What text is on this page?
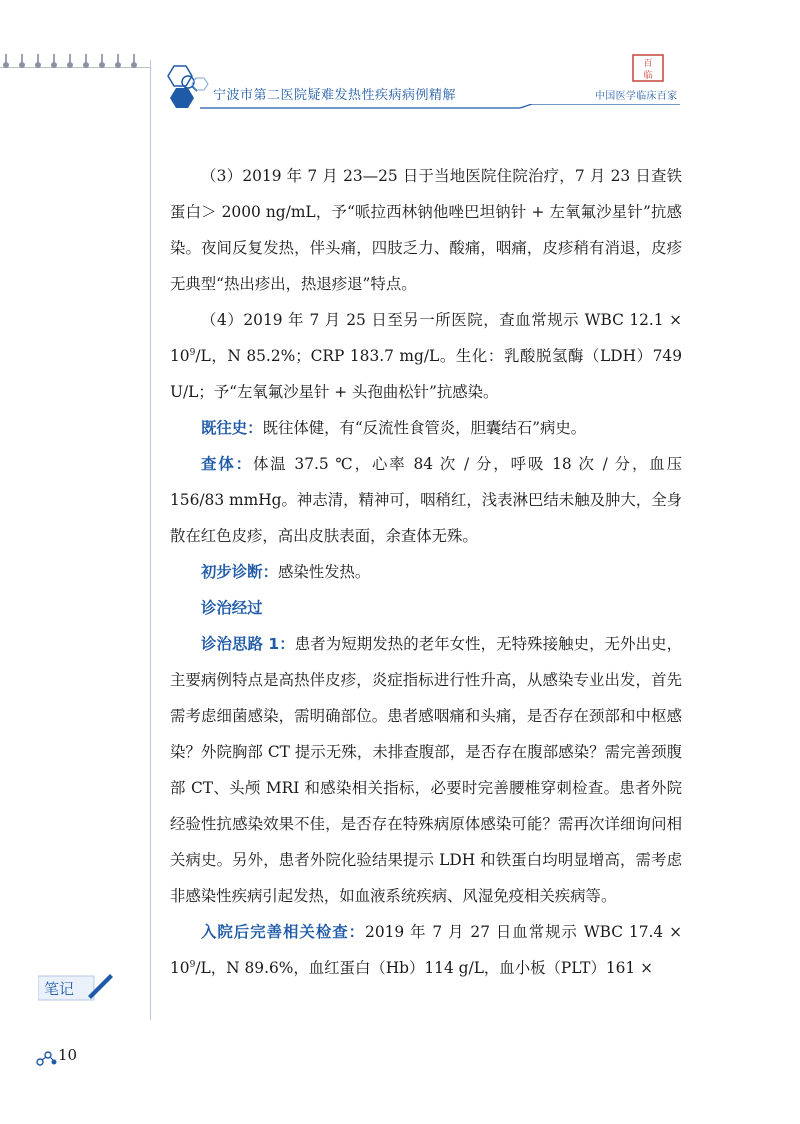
宁波市第二医院疑难发热性疾病病例精解
百
临
中国医学临床百家

（3）2019 年 7 月 23—25 日于当地医院住院治疗，7 月 23 日查铁蛋白＞ 2000 ng/mL，予“哌拉西林钠他唑巴坦钠针 + 左氧氟沙星针”抗感染。夜间反复发热，伴头痛，四肢乏力、酸痛，咽痛，皮疹稍有消退，皮疹无典型“热出疹出，热退疹退”特点。

（4）2019 年 7 月 25 日至另一所医院，查血常规示 WBC $12.1 \times 10^9/L$，N 85.2%；CRP 183.7 mg/L。生化：乳酸脱氢酶（LDH）749 U/L；予“左氧氟沙星针 + 头孢曲松针”抗感染。

既往史：既往体健，有“反流性食管炎，胆囊结石”病史。

查体：体温 37.5 ℃，心率 84 次 / 分，呼吸 18 次 / 分，血压 156/83 mmHg。神志清，精神可，咽稍红，浅表淋巴结未触及肿大，全身散在红色皮疹，高出皮肤表面，余查体无殊。

初步诊断：感染性发热。

诊治经过

诊治思路 1：患者为短期发热的老年女性，无特殊接触史，无外出史，主要病例特点是高热伴皮疹，炎症指标进行性升高，从感染专业出发，首先需考虑细菌感染，需明确部位。患者感咽痛和头痛，是否存在颈部和中枢感染？外院胸部 CT 提示无殊，未排查腹部，是否存在腹部感染？需完善颈腹部 CT、头颅 MRI 和感染相关指标，必要时完善腰椎穿刺检查。患者外院经验性抗感染效果不佳，是否存在特殊病原体感染可能？需再次详细询问相关病史。另外，患者外院化验结果提示 LDH 和铁蛋白均明显增高，需考虑非感染性疾病引起发热，如血液系统疾病、风湿免疫相关疾病等。

入院后完善相关检查：2019 年 7 月 27 日血常规示 WBC $17.4 \times 10^9/L$，N 89.6%，血红蛋白（Hb）114 g/L，血小板（PLT）161 ×

笔记
10
